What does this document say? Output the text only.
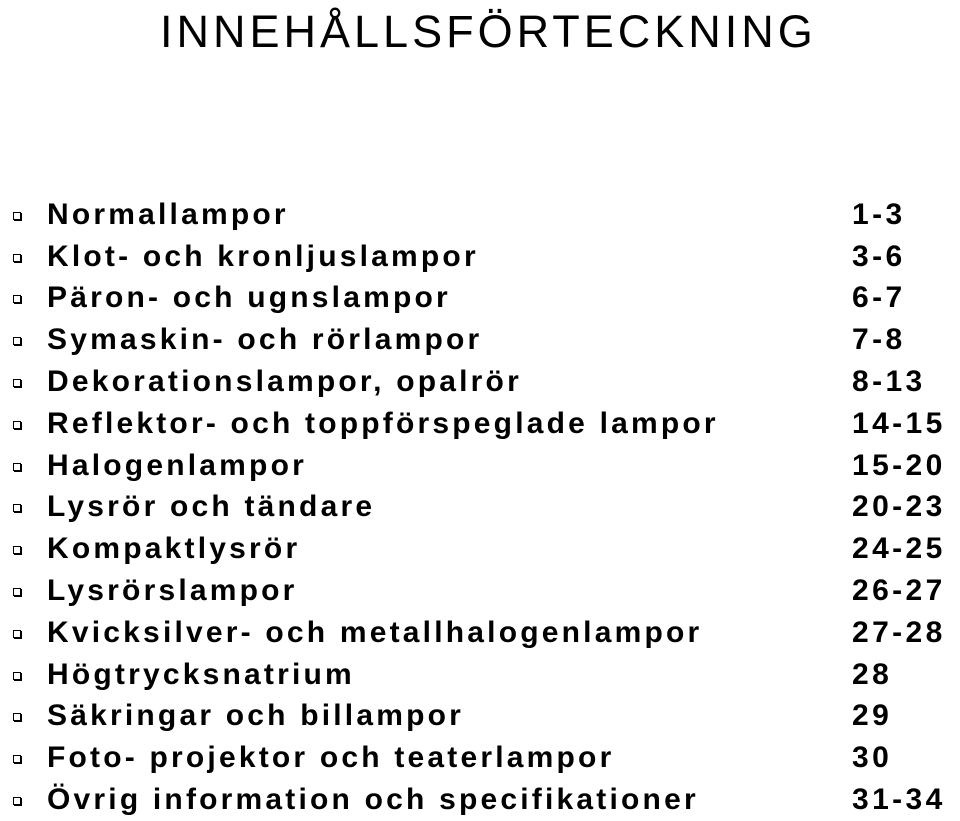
INNEHÅLLSFÖRTECKNING
Normallampor	1-3
Klot- och kronljuslampor	3-6
Päron- och ugnslampor	6-7
Symaskin- och rörlampor	7-8
Dekorationslampor, opalrör	8-13
Reflektor- och toppförspeglade lampor	14-15
Halogenlampor	15-20
Lysrör och tändare	20-23
Kompaktlysrör	24-25
Lysrörslampor	26-27
Kvicksilver- och metallhalogenlampor	27-28
Högtrycksnatrium	28
Säkringar och billampor	29
Foto- projektor och teaterlampor	30
Övrig information och specifikationer	31-34
